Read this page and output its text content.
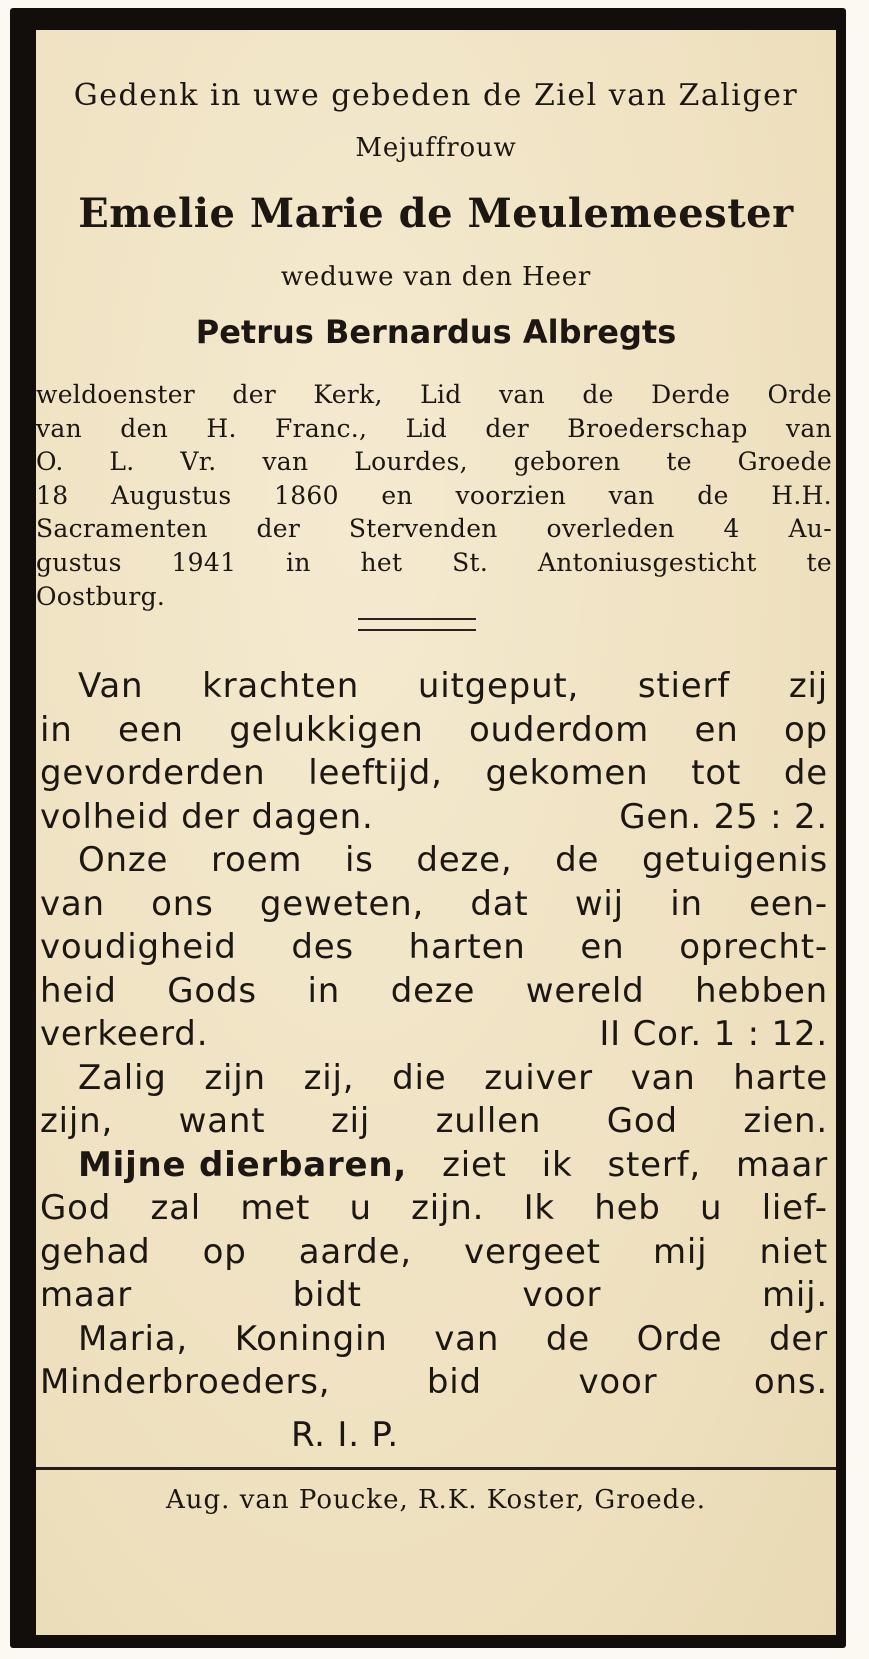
Gedenk in uwe gebeden de Ziel van Zaliger
Mejuffrouw
Emelie Marie de Meulemeester
weduwe van den Heer
Petrus Bernardus Albregts
weldoenster der Kerk, Lid van de Derde Orde
van den H. Franc., Lid der Broederschap van
O. L. Vr. van Lourdes, geboren te Groede
18 Augustus 1860 en voorzien van de H.H.
Sacramenten der Stervenden overleden 4 Au-
gustus 1941 in het St. Antoniusgesticht te
Oostburg.
Van krachten uitgeput, stierf zij
in een gelukkigen ouderdom en op
gevorderden leeftijd, gekomen tot de
volheid der dagen.	Gen. 25 : 2.
Onze roem is deze, de getuigenis
van ons geweten, dat wij in een-
voudigheid des harten en oprecht-
heid Gods in deze wereld hebben
verkeerd.	II Cor. 1 : 12.
Zalig zijn zij, die zuiver van harte
zijn, want zij zullen God zien.
Mijne dierbaren, ziet ik sterf, maar
God zal met u zijn. Ik heb u lief-
gehad op aarde, vergeet mij niet
maar	bidt	voor	mij.
Maria, Koningin van de Orde der
Minderbroeders,	bid	voor	ons.
R. I. P.
Aug. van Poucke, R.K. Koster, Groede.
